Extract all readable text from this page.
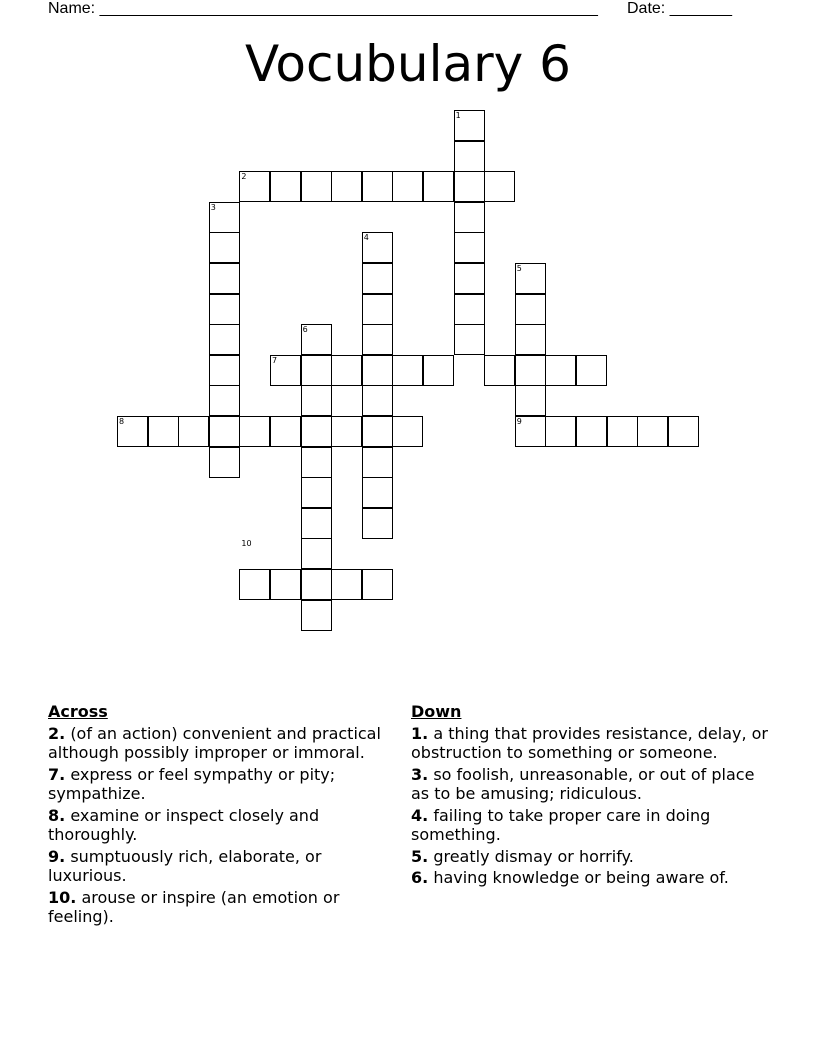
Name: ________________________________________________________ Date: _______
Vocubulary 6
1
2
3
4
5
6
7
8	9
10
Across
2. (of an action) convenient and practical although possibly improper or immoral.
7. express or feel sympathy or pity; sympathize.
8. examine or inspect closely and thoroughly.
9. sumptuously rich, elaborate, or luxurious.
10. arouse or inspire (an emotion or feeling).
Down
1. a thing that provides resistance, delay, or obstruction to something or someone.
3. so foolish, unreasonable, or out of place as to be amusing; ridiculous.
4. failing to take proper care in doing something.
5. greatly dismay or horrify.
6. having knowledge or being aware of.
